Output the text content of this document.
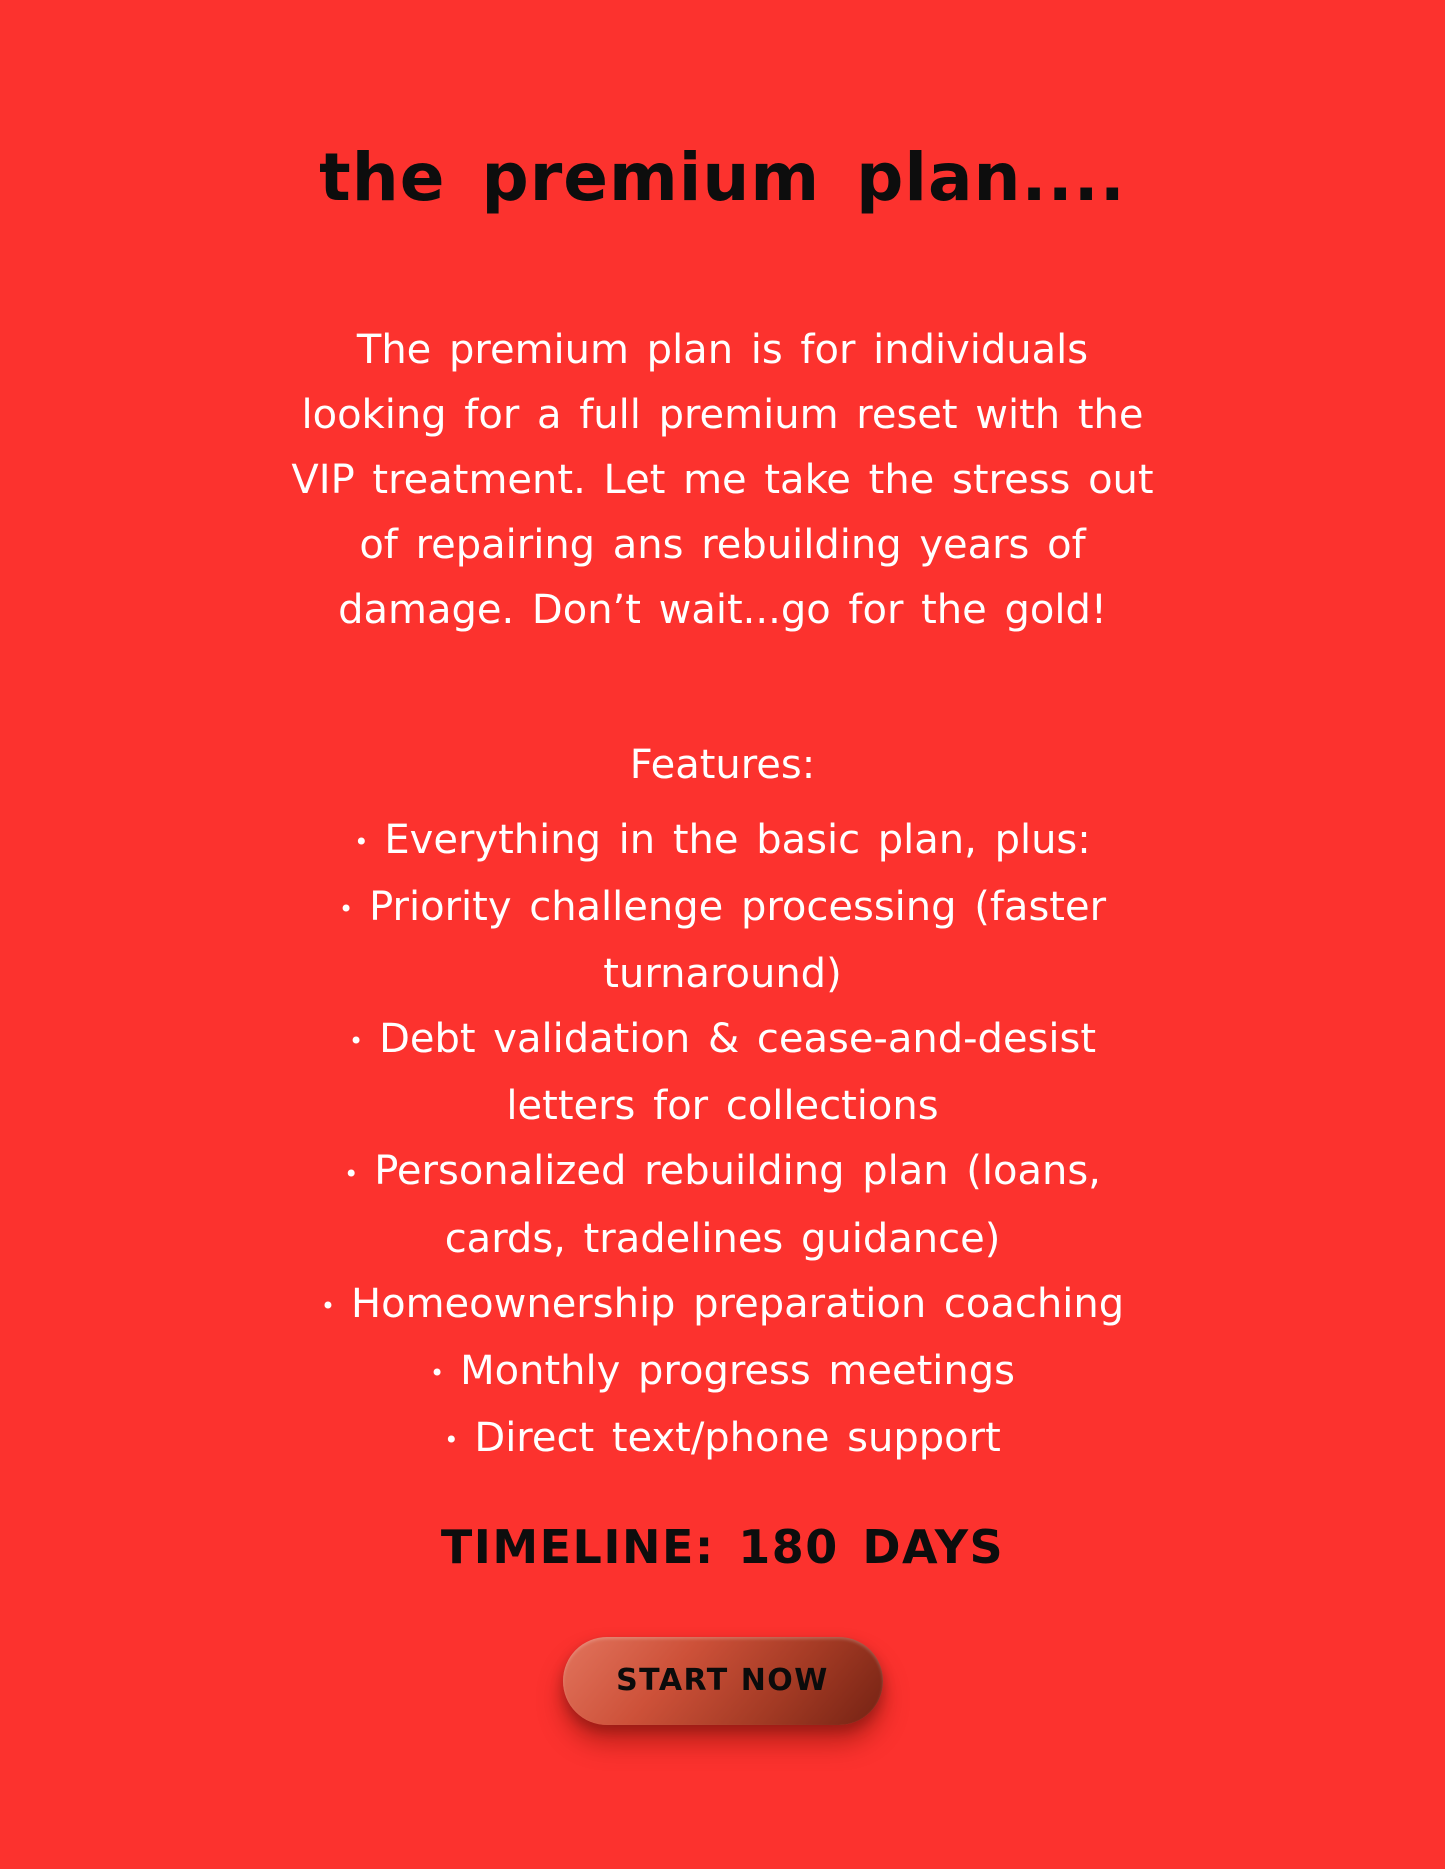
the premium plan....
The premium plan is for individuals
looking for a full premium reset with the
VIP treatment. Let me take the stress out
of repairing ans rebuilding years of
damage. Don’t wait...go for the gold!
Features:
• Everything in the basic plan, plus:
• Priority challenge processing (faster
turnaround)
• Debt validation & cease-and-desist
letters for collections
• Personalized rebuilding plan (loans,
cards, tradelines guidance)
• Homeownership preparation coaching
• Monthly progress meetings
• Direct text/phone support
TIMELINE: 180 DAYS
START NOW
